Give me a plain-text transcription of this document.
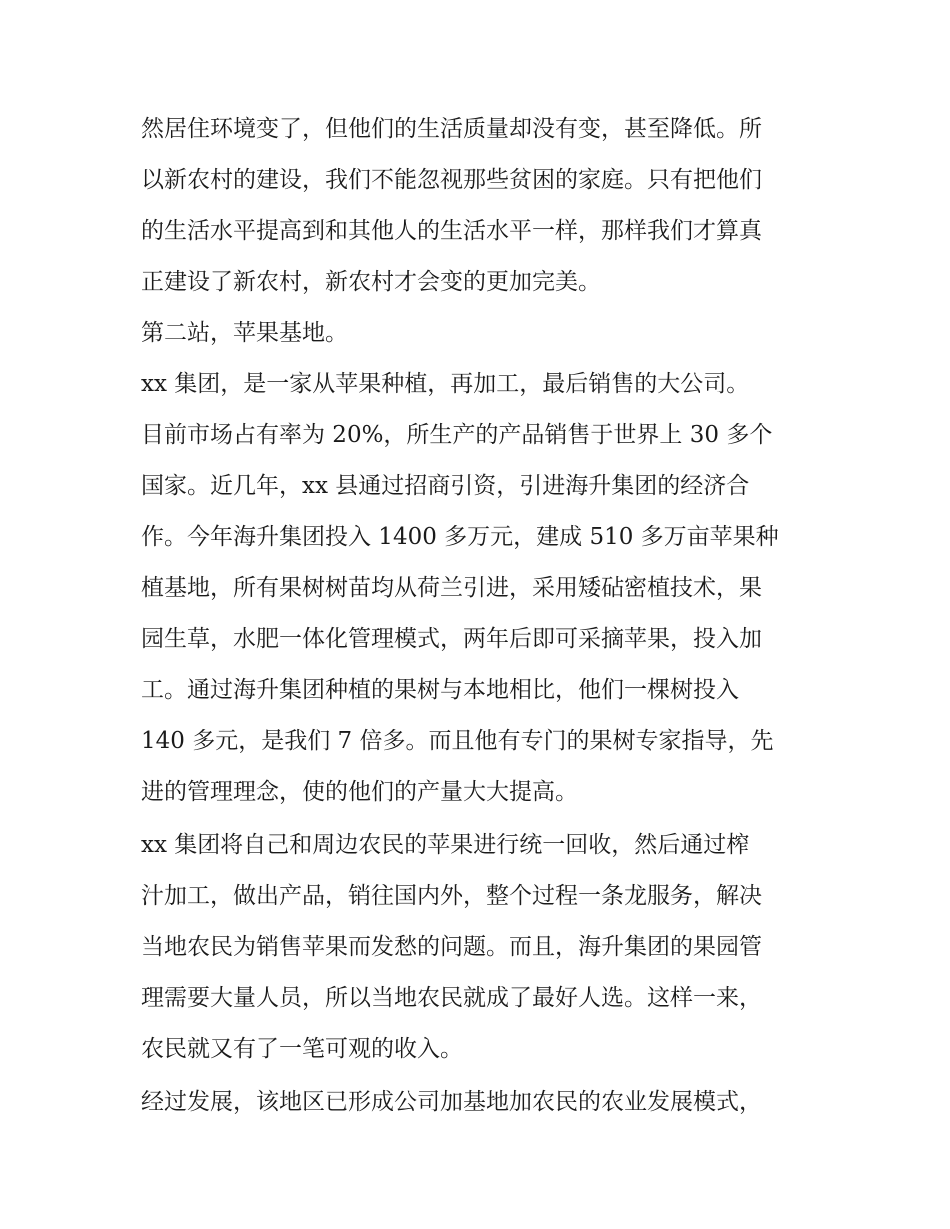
然居住环境变了，但他们的生活质量却没有变，甚至降低。所
以新农村的建设，我们不能忽视那些贫困的家庭。只有把他们
的生活水平提高到和其他人的生活水平一样，那样我们才算真
正建设了新农村，新农村才会变的更加完美。
第二站，苹果基地。
xx 集团，是一家从苹果种植，再加工，最后销售的大公司。
目前市场占有率为 20%，所生产的产品销售于世界上 30 多个
国家。近几年，xx 县通过招商引资，引进海升集团的经济合
作。今年海升集团投入 1400 多万元，建成 510 多万亩苹果种
植基地，所有果树树苗均从荷兰引进，采用矮砧密植技术，果
园生草，水肥一体化管理模式，两年后即可采摘苹果，投入加
工。通过海升集团种植的果树与本地相比，他们一棵树投入
140 多元，是我们 7 倍多。而且他有专门的果树专家指导，先
进的管理理念，使的他们的产量大大提高。
xx 集团将自己和周边农民的苹果进行统一回收，然后通过榨
汁加工，做出产品，销往国内外，整个过程一条龙服务，解决
当地农民为销售苹果而发愁的问题。而且，海升集团的果园管
理需要大量人员，所以当地农民就成了最好人选。这样一来，
农民就又有了一笔可观的收入。
经过发展，该地区已形成公司加基地加农民的农业发展模式，
